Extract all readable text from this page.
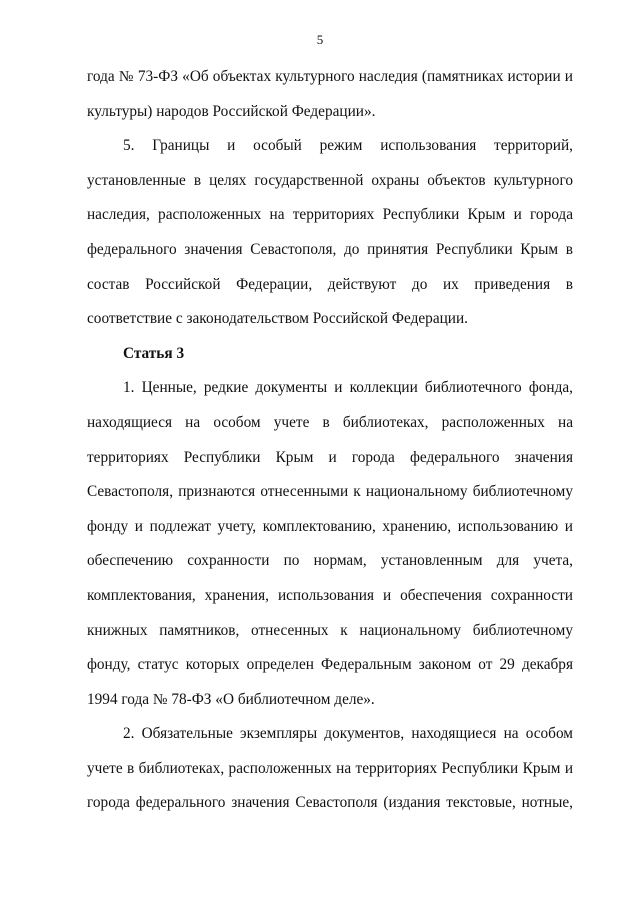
5

года № 73-ФЗ «Об объектах культурного наследия (памятниках истории и культуры) народов Российской Федерации».

5. Границы и особый режим использования территорий, установленные в целях государственной охраны объектов культурного наследия, расположенных на территориях Республики Крым и города федерального значения Севастополя, до принятия Республики Крым в состав Российской Федерации, действуют до их приведения в соответствие с законодательством Российской Федерации.

Статья 3

1. Ценные, редкие документы и коллекции библиотечного фонда, находящиеся на особом учете в библиотеках, расположенных на территориях Республики Крым и города федерального значения Севастополя, признаются отнесенными к национальному библиотечному фонду и подлежат учету, комплектованию, хранению, использованию и обеспечению сохранности по нормам, установленным для учета, комплектования, хранения, использования и обеспечения сохранности книжных памятников, отнесенных к национальному библиотечному фонду, статус которых определен Федеральным законом от 29 декабря 1994 года № 78-ФЗ «О библиотечном деле».

2. Обязательные экземпляры документов, находящиеся на особом учете в библиотеках, расположенных на территориях Республики Крым и города федерального значения Севастополя (издания текстовые, нотные,
